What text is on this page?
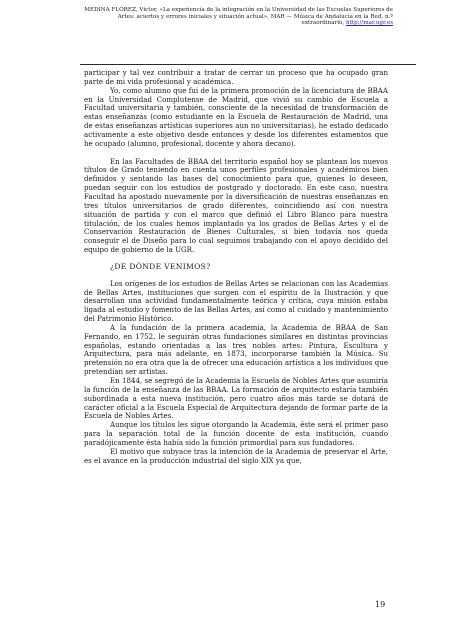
MEDINA FLÓREZ, Víctor, «La experiencia de la integración en la Universidad de las Escuelas Superiores de Artes: aciertos y errores iniciales y situación actual», MAR — Música de Andalucía en la Red, n.º extraordinario, http://mar.ugr.es

participar y tal vez contribuir a tratar de cerrar un proceso que ha ocupado gran parte de mi vida profesional y académica.

Yo, como alumno que fui de la primera promoción de la licenciatura de BBAA en la Universidad Complutense de Madrid, que vivió su cambio de Escuela a Facultad universitaria y también, consciente de la necesidad de transformación de estas enseñanzas (como estudiante en la Escuela de Restauración de Madrid, una de estas enseñanzas artísticas superiores aun no universitarias), he estado dedicado activamente a este objetivo desde entonces y desde los diferentes estamentos que he ocupado (alumno, profesional, docente y ahora decano).

En las Facultades de BBAA del territorio español hoy se plantean los nuevos títulos de Grado teniendo en cuenta unos perfiles profesionales y académicos bien definidos y sentando las bases del conocimiento para que, quienes lo deseen, puedan seguir con los estudios de postgrado y doctorado. En este caso, nuestra Facultad ha apostado nuevamente por la diversificación de nuestras enseñanzas en tres títulos universitarios de grado diferentes, coincidiendo así con nuestra situación de partida y con el marco que definió el Libro Blanco para nuestra titulación, de los cuales hemos implantado ya los grados de Bellas Artes y el de Conservación Restauración de Bienes Culturales, si bien todavía nos queda conseguir el de Diseño para lo cual seguimos trabajando con el apoyo decidido del equipo de gobierno de la UGR.

¿DE DÓNDE VENIMOS?

Los orígenes de los estudios de Bellas Artes se relacionan con las Academias de Bellas Artes, instituciones que surgen con el espíritu de la Ilustración y que desarrollan una actividad fundamentalmente teórica y crítica, cuya misión estaba ligada al estudio y fomento de las Bellas Artes, así como al cuidado y mantenimiento del Patrimonio Histórico.

A la fundación de la primera academia, la Academia de BBAA de San Fernando, en 1752, le seguirán otras fundaciones similares en distintas provincias españolas, estando orientadas a las tres nobles artes: Pintura, Escultura y Arquitectura, para más adelante, en 1873, incorporarse también la Música. Su pretensión no era otra que la de ofrecer una educación artística a los individuos que pretendían ser artistas.

En 1844, se segregó de la Academia la Escuela de Nobles Artes que asumiría la función de la enseñanza de las BBAA. La formación de arquitecto estaría también subordinada a esta nueva institución, pero cuatro años más tarde se dotará de carácter oficial a la Escuela Especial de Arquitectura dejando de formar parte de la Escuela de Nobles Artes.

Aunque los títulos les sigue otorgando la Academia, éste será el primer paso para la separación total de la función docente de esta institución, cuando paradójicamente ésta había sido la función primordial para sus fundadores.

El motivo que subyace tras la intención de la Academia de preservar el Arte, es el avance en la producción industrial del siglo XIX ya que,

19
